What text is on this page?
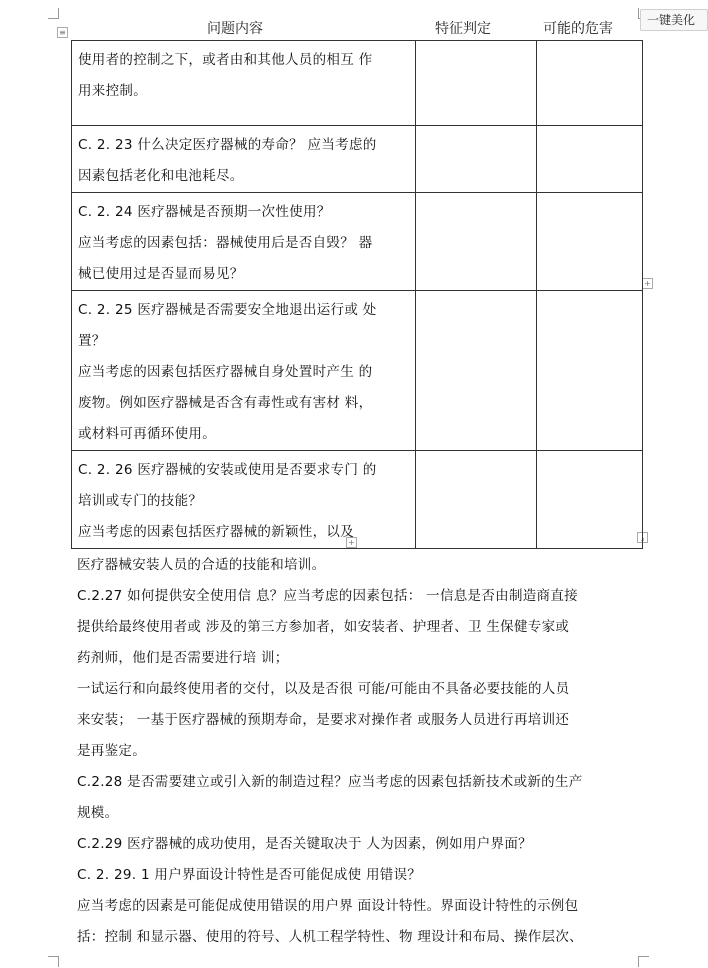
≡
+
+
⌟
一键美化
问题内容	特征判定	可能的危害

使用者的控制之下，或者由和其他人员的相互 作

用来控制。		

C. 2. 23 什么决定医疗器械的寿命？ 应当考虑的

因素包括老化和电池耗尽。		

C. 2. 24 医疗器械是否预期一次性使用？

应当考虑的因素包括：器械使用后是否自毁？ 器

械已使用过是否显而易见？		

C. 2. 25 医疗器械是否需要安全地退出运行或 处

置？

应当考虑的因素包括医疗器械自身处置时产生 的

废物。例如医疗器械是否含有毒性或有害材 料，

或材料可再循环使用。		

C. 2. 26 医疗器械的安装或使用是否要求专门 的

培训或专门的技能？

应当考虑的因素包括医疗器械的新颖性，以及		

医疗器械安装人员的合适的技能和培训。

C.2.27 如何提供安全使用信 息？应当考虑的因素包括： 一信息是否由制造商直接

提供给最终使用者或 涉及的第三方参加者，如安装者、护理者、卫 生保健专家或

药剂师，他们是否需要进行培 训；

一试运行和向最终使用者的交付，以及是否很 可能/可能由不具备必要技能的人员

来安装； 一基于医疗器械的预期寿命，是要求对操作者 或服务人员进行再培训还

是再鉴定。

C.2.28 是否需要建立或引入新的制造过程？应当考虑的因素包括新技术或新的生产

规模。

C.2.29 医疗器械的成功使用，是否关键取决于 人为因素，例如用户界面？

C. 2. 29. 1 用户界面设计特性是否可能促成使 用错误？

应当考虑的因素是可能促成使用错误的用户界 面设计特性。界面设计特性的示例包

括：控制 和显示器、使用的符号、人机工程学特性、物 理设计和布局、操作层次、
